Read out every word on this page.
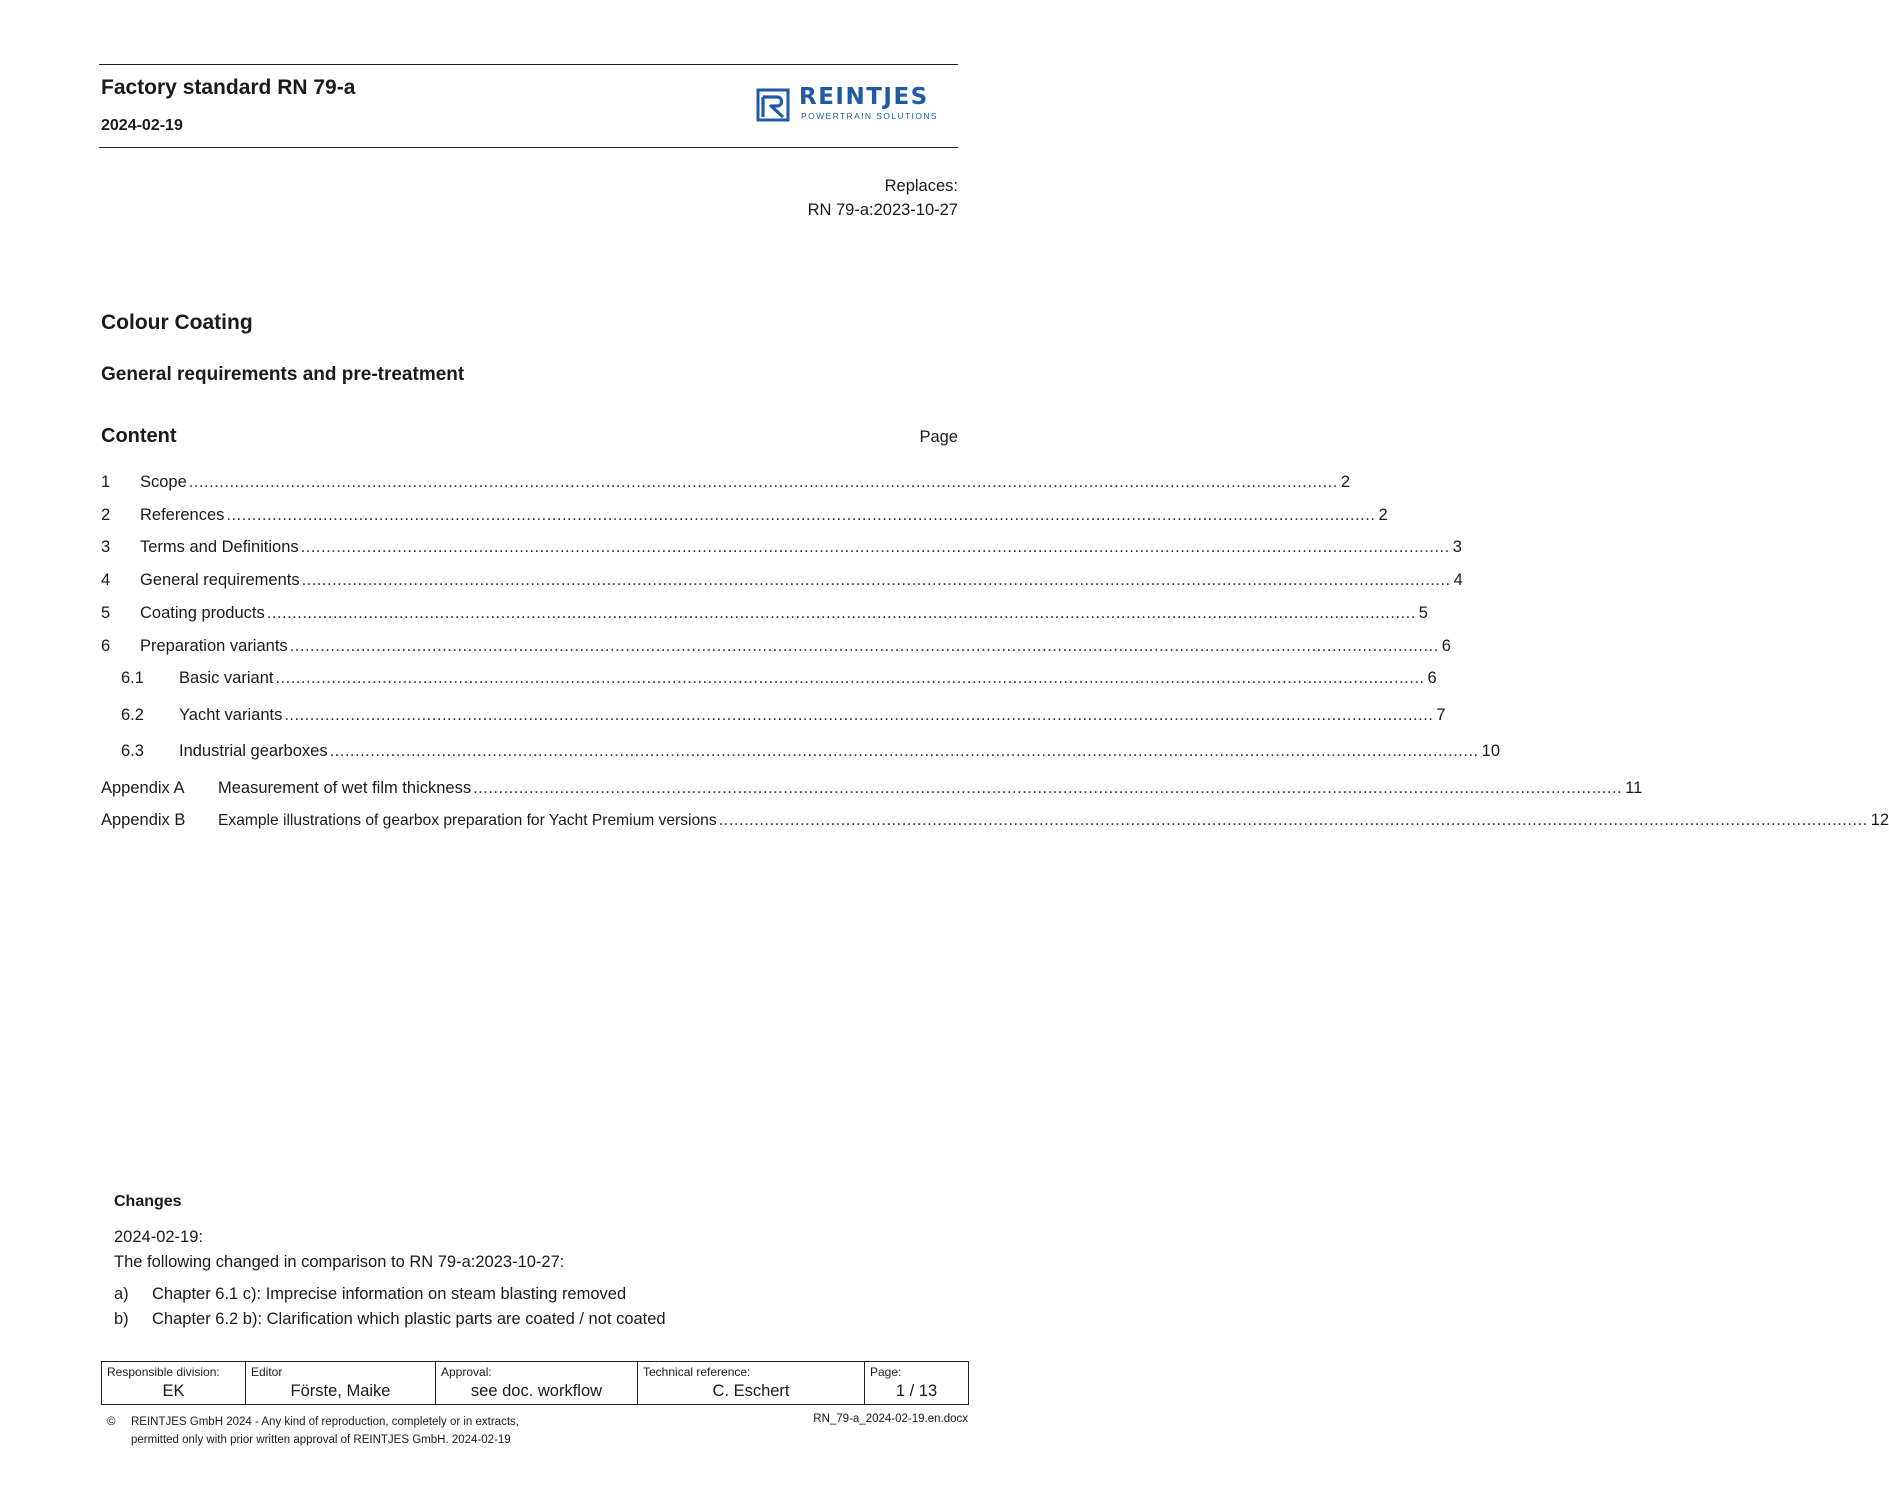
Factory standard RN 79-a
2024-02-19
REINTJES
POWERTRAIN SOLUTIONS
Replaces:
RN 79-a:2023-10-27
Colour Coating
General requirements and pre-treatment
Content	Page
1	Scope .................................................................................................................................................................................................................................. 2
2	References .................................................................................................................................................................................................................................. 2
3	Terms and Definitions .................................................................................................................................................................................................................................. 3
4	General requirements .................................................................................................................................................................................................................................. 4
5	Coating products .................................................................................................................................................................................................................................. 5
6	Preparation variants .................................................................................................................................................................................................................................. 6
6.1	Basic variant .................................................................................................................................................................................................................................. 6
6.2	Yacht variants .................................................................................................................................................................................................................................. 7
6.3	Industrial gearboxes .................................................................................................................................................................................................................................. 10
Appendix A	Measurement of wet film thickness .................................................................................................................................................................................................................................. 11
Appendix B	Example illustrations of gearbox preparation for Yacht Premium versions .................................................................................................................................................................................................................................. 12
Changes
2024-02-19:
The following changed in comparison to RN 79-a:2023-10-27:
a)	Chapter 6.1 c): Imprecise information on steam blasting removed
b)	Chapter 6.2 b): Clarification which plastic parts are coated / not coated
Responsible division:
EK

Editor
Förste, Maike

Approval:
see doc. workflow

Technical reference:
C. Eschert

Page:
1 / 13
©	REINTJES GmbH 2024 - Any kind of reproduction, completely or in extracts,
permitted only with prior written approval of REINTJES GmbH. 2024-02-19
RN_79-a_2024-02-19.en.docx
